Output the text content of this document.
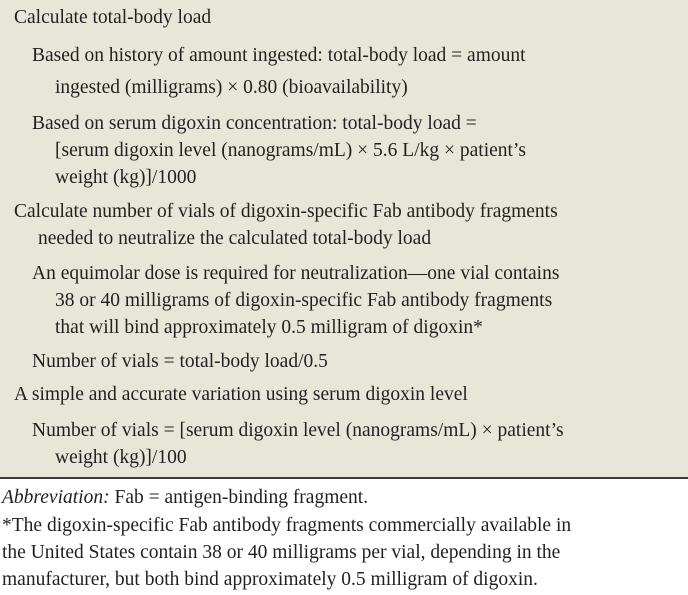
Calculate total-body load
Based on history of amount ingested: total-body load = amount
ingested (milligrams) × 0.80 (bioavailability)
Based on serum digoxin concentration: total-body load =
[serum digoxin level (nanograms/mL) × 5.6 L/kg × patient’s
weight (kg)]/1000
Calculate number of vials of digoxin-specific Fab antibody fragments
needed to neutralize the calculated total-body load
An equimolar dose is required for neutralization—one vial contains
38 or 40 milligrams of digoxin-specific Fab antibody fragments
that will bind approximately 0.5 milligram of digoxin*
Number of vials = total-body load/0.5
A simple and accurate variation using serum digoxin level
Number of vials = [serum digoxin level (nanograms/mL) × patient’s
weight (kg)]/100
Abbreviation: Fab = antigen-binding fragment.
*The digoxin-specific Fab antibody fragments commercially available in
the United States contain 38 or 40 milligrams per vial, depending in the
manufacturer, but both bind approximately 0.5 milligram of digoxin.
